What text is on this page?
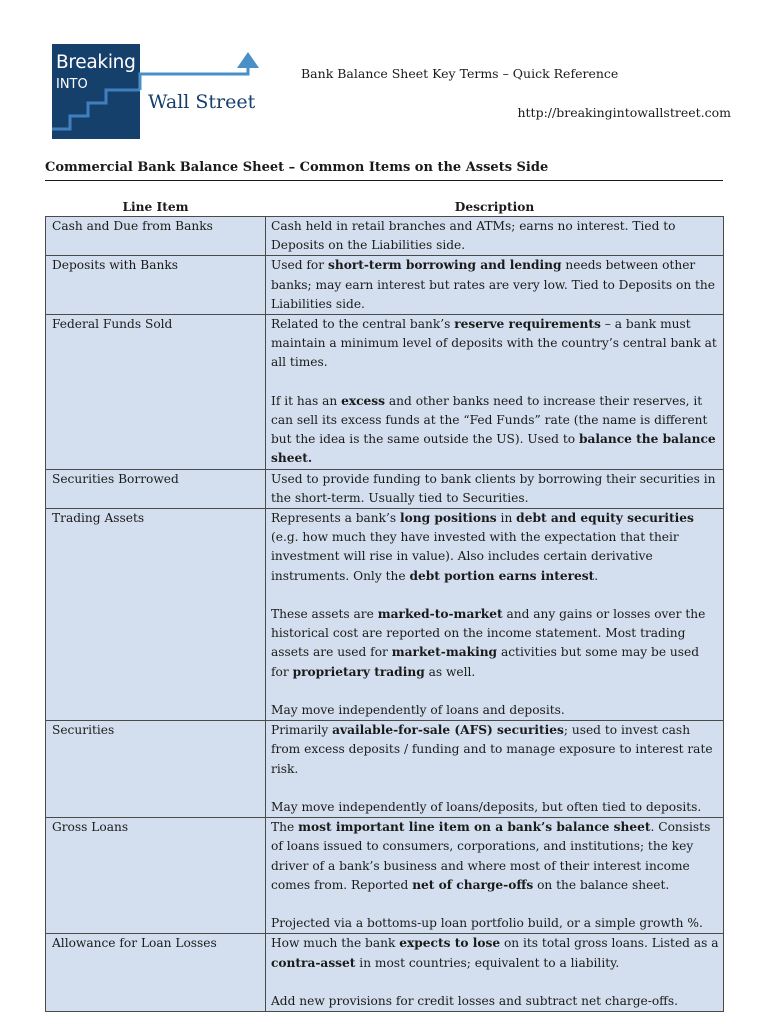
Breaking
INTO
Wall Street
Bank Balance Sheet Key Terms – Quick Reference
http://breakingintowallstreet.com
Commercial Bank Balance Sheet – Common Items on the Assets Side
Line Item	Description
Cash and Due from Banks	Cash held in retail branches and ATMs; earns no interest. Tied to Deposits on the Liabilities side.

Deposits with Banks	Used for short-term borrowing and lending needs between other banks; may earn interest but rates are very low. Tied to Deposits on the Liabilities side.

Federal Funds Sold	Related to the central bank’s reserve requirements – a bank must maintain a minimum level of deposits with the country’s central bank at all times.

If it has an excess and other banks need to increase their reserves, it can sell its excess funds at the “Fed Funds” rate (the name is different but the idea is the same outside the US). Used to balance the balance sheet.

Securities Borrowed	Used to provide funding to bank clients by borrowing their securities in the short-term. Usually tied to Securities.

Trading Assets	Represents a bank’s long positions in debt and equity securities (e.g. how much they have invested with the expectation that their investment will rise in value). Also includes certain derivative instruments. Only the debt portion earns interest.

These assets are marked-to-market and any gains or losses over the historical cost are reported on the income statement. Most trading assets are used for market-making activities but some may be used for proprietary trading as well.

May move independently of loans and deposits.

Securities	Primarily available-for-sale (AFS) securities; used to invest cash from excess deposits / funding and to manage exposure to interest rate risk.

May move independently of loans/deposits, but often tied to deposits.

Gross Loans	The most important line item on a bank’s balance sheet. Consists of loans issued to consumers, corporations, and institutions; the key driver of a bank’s business and where most of their interest income comes from. Reported net of charge-offs on the balance sheet.

Projected via a bottoms-up loan portfolio build, or a simple growth %.

Allowance for Loan Losses	How much the bank expects to lose on its total gross loans. Listed as a contra-asset in most countries; equivalent to a liability.

Add new provisions for credit losses and subtract net charge-offs.
